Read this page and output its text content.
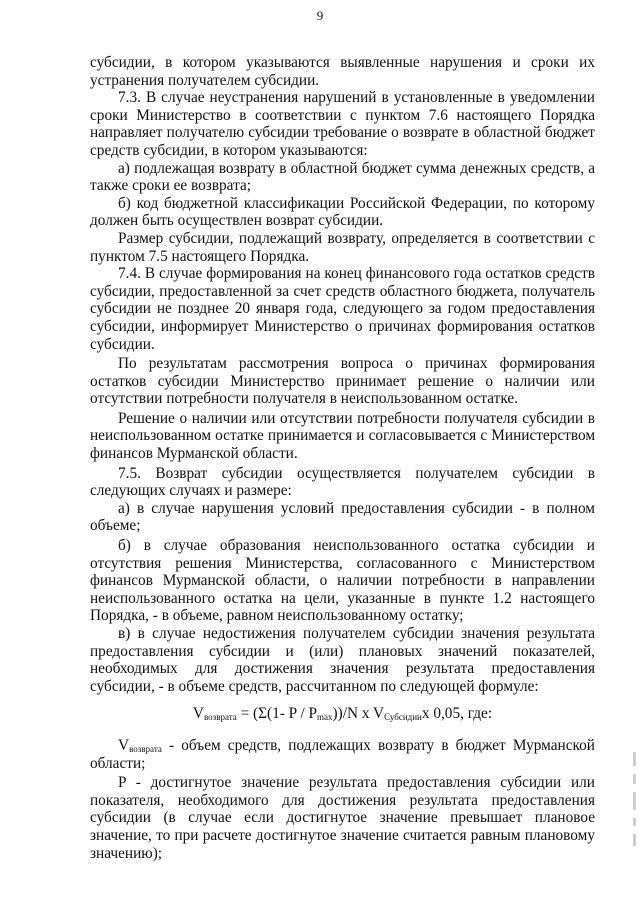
9

субсидии, в котором указываются выявленные нарушения и сроки их устранения получателем субсидии.

7.3. В случае неустранения нарушений в установленные в уведомлении сроки Министерство в соответствии с пунктом 7.6 настоящего Порядка направляет получателю субсидии требование о возврате в областной бюджет средств субсидии, в котором указываются:

а) подлежащая возврату в областной бюджет сумма денежных средств, а также сроки ее возврата;

б) код бюджетной классификации Российской Федерации, по которому должен быть осуществлен возврат субсидии.

Размер субсидии, подлежащий возврату, определяется в соответствии с пунктом 7.5 настоящего Порядка.

7.4. В случае формирования на конец финансового года остатков средств субсидии, предоставленной за счет средств областного бюджета, получатель субсидии не позднее 20 января года, следующего за годом предоставления субсидии, информирует Министерство о причинах формирования остатков субсидии.

По результатам рассмотрения вопроса о причинах формирования остатков субсидии Министерство принимает решение о наличии или отсутствии потребности получателя в неиспользованном остатке.

Решение о наличии или отсутствии потребности получателя субсидии в неиспользованном остатке принимается и согласовывается с Министерством финансов Мурманской области.

7.5. Возврат субсидии осуществляется получателем субсидии в следующих случаях и размере:

а) в случае нарушения условий предоставления субсидии - в полном объеме;

б) в случае образования неиспользованного остатка субсидии и отсутствия решения Министерства, согласованного с Министерством финансов Мурманской области, о наличии потребности в направлении неиспользованного остатка на цели, указанные в пункте 1.2 настоящего Порядка, - в объеме, равном неиспользованному остатку;

в) в случае недостижения получателем субсидии значения результата предоставления субсидии и (или) плановых значений показателей, необходимых для достижения значения результата предоставления субсидии, - в объеме средств, рассчитанном по следующей формуле:

$V_{возврата} = (\Sigma(1-$ P / $P_{max}))/N$ x $V_{Субсидии}x$ 0,05, где:

$V_{возврата}$ - объем средств, подлежащих возврату в бюджет Мурманской области;

P - достигнутое значение результата предоставления субсидии или показателя, необходимого для достижения результата предоставления субсидии (в случае если достигнутое значение превышает плановое значение, то при расчете достигнутое значение считается равным плановому значению);
